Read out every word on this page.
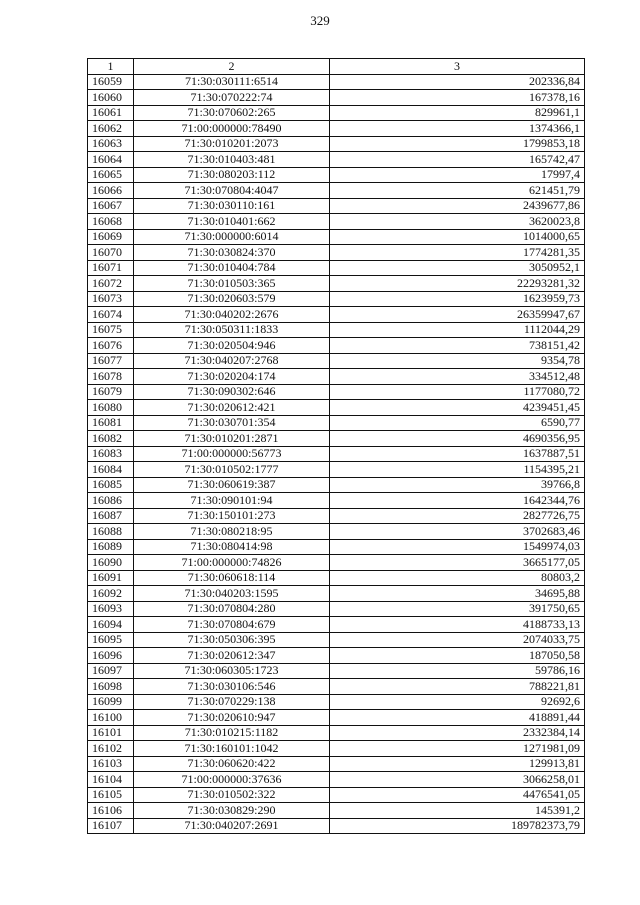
329
1	2	3
16059	71:30:030111:6514	202336,84
16060	71:30:070222:74	167378,16
16061	71:30:070602:265	829961,1
16062	71:00:000000:78490	1374366,1
16063	71:30:010201:2073	1799853,18
16064	71:30:010403:481	165742,47
16065	71:30:080203:112	17997,4
16066	71:30:070804:4047	621451,79
16067	71:30:030110:161	2439677,86
16068	71:30:010401:662	3620023,8
16069	71:30:000000:6014	1014000,65
16070	71:30:030824:370	1774281,35
16071	71:30:010404:784	3050952,1
16072	71:30:010503:365	22293281,32
16073	71:30:020603:579	1623959,73
16074	71:30:040202:2676	26359947,67
16075	71:30:050311:1833	1112044,29
16076	71:30:020504:946	738151,42
16077	71:30:040207:2768	9354,78
16078	71:30:020204:174	334512,48
16079	71:30:090302:646	1177080,72
16080	71:30:020612:421	4239451,45
16081	71:30:030701:354	6590,77
16082	71:30:010201:2871	4690356,95
16083	71:00:000000:56773	1637887,51
16084	71:30:010502:1777	1154395,21
16085	71:30:060619:387	39766,8
16086	71:30:090101:94	1642344,76
16087	71:30:150101:273	2827726,75
16088	71:30:080218:95	3702683,46
16089	71:30:080414:98	1549974,03
16090	71:00:000000:74826	3665177,05
16091	71:30:060618:114	80803,2
16092	71:30:040203:1595	34695,88
16093	71:30:070804:280	391750,65
16094	71:30:070804:679	4188733,13
16095	71:30:050306:395	2074033,75
16096	71:30:020612:347	187050,58
16097	71:30:060305:1723	59786,16
16098	71:30:030106:546	788221,81
16099	71:30:070229:138	92692,6
16100	71:30:020610:947	418891,44
16101	71:30:010215:1182	2332384,14
16102	71:30:160101:1042	1271981,09
16103	71:30:060620:422	129913,81
16104	71:00:000000:37636	3066258,01
16105	71:30:010502:322	4476541,05
16106	71:30:030829:290	145391,2
16107	71:30:040207:2691	189782373,79
